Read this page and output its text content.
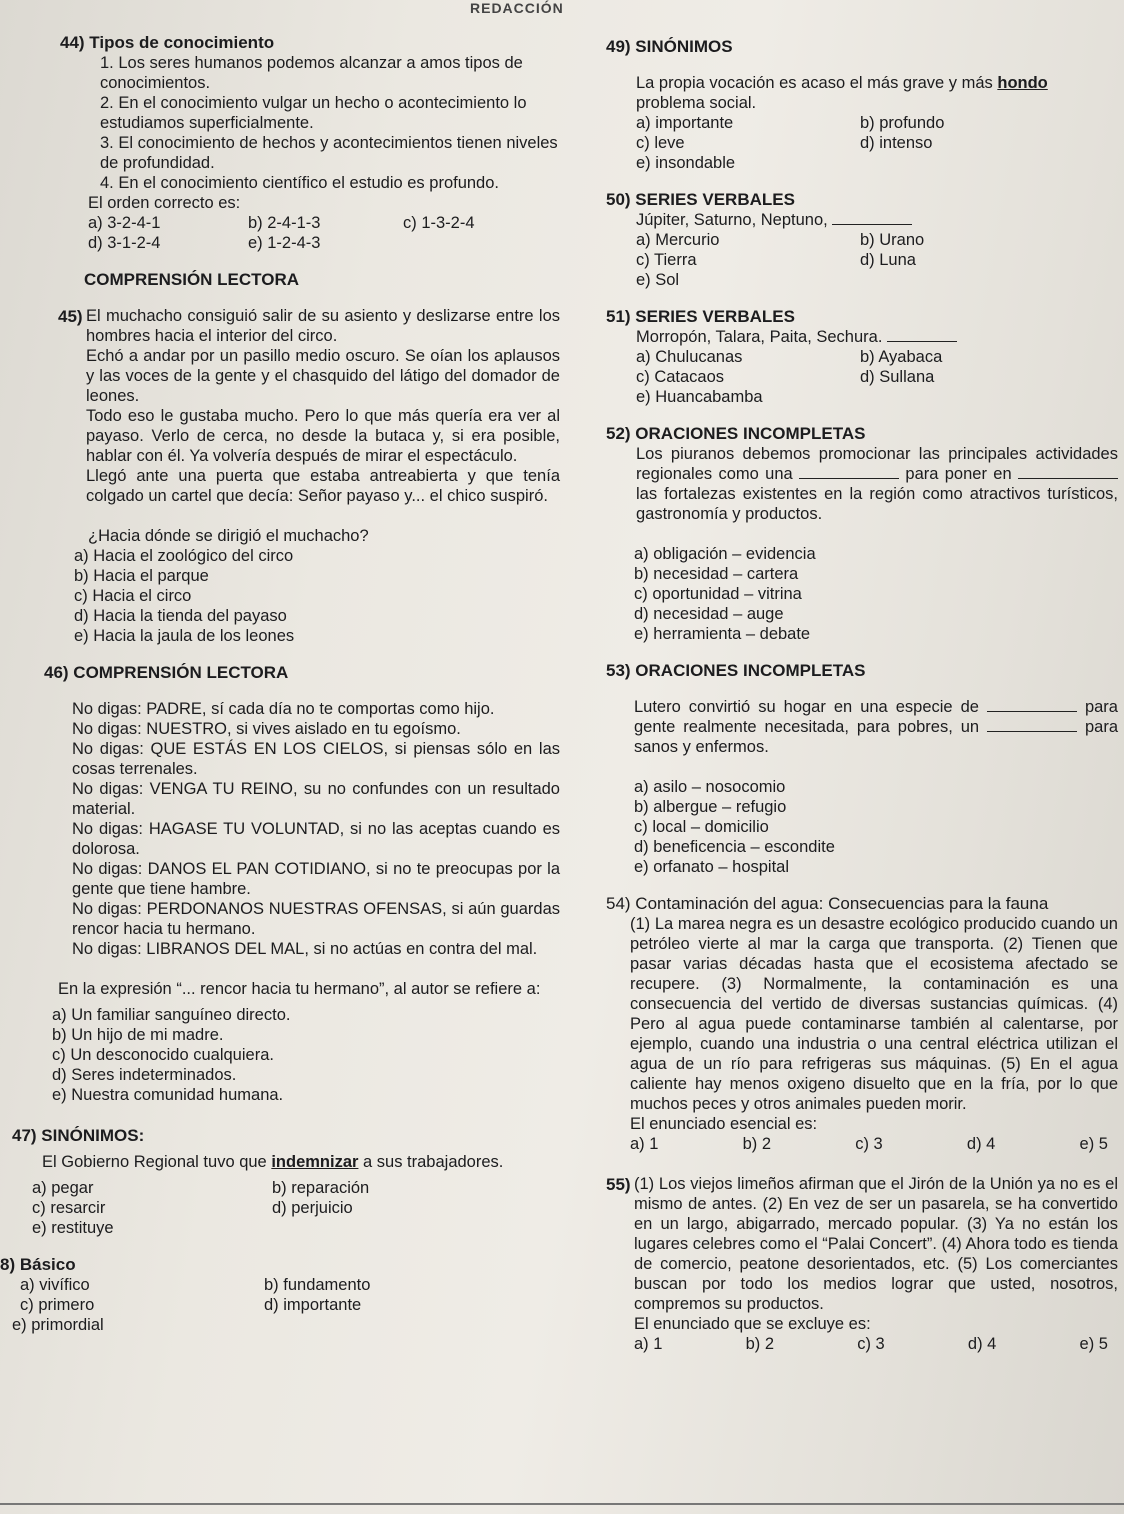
REDACCIÓN

44) Tipos de conocimiento

1. Los seres humanos podemos alcanzar a amos tipos de conocimientos.
2. En el conocimiento vulgar un hecho o acontecimiento lo estudiamos superficialmente.
3. El conocimiento de hechos y acontecimientos tienen niveles de profundidad.
4. En el conocimiento científico el estudio es profundo.
El orden correcto es:
a) 3-2-4-1	b) 2-4-1-3	c) 1-3-2-4
d) 3-1-2-4	e) 1-2-4-3

COMPRENSIÓN LECTORA

45) El muchacho consiguió salir de su asiento y deslizarse entre los hombres hacia el interior del circo.
Echó a andar por un pasillo medio oscuro. Se oían los aplausos y las voces de la gente y el chasquido del látigo del domador de leones.
Todo eso le gustaba mucho. Pero lo que más quería era ver al payaso. Verlo de cerca, no desde la butaca y, si era posible, hablar con él. Ya volvería después de mirar el espectáculo.
Llegó ante una puerta que estaba antreabierta y que tenía colgado un cartel que decía: Señor payaso y... el chico suspiró.
¿Hacia dónde se dirigió el muchacho?
a) Hacia el zoológico del circo
b) Hacia el parque
c) Hacia el circo
d) Hacia la tienda del payaso
e) Hacia la jaula de los leones

46) COMPRENSIÓN LECTORA

No digas: PADRE, sí cada día no te comportas como hijo.
No digas: NUESTRO, si vives aislado en tu egoísmo.
No digas: QUE ESTÁS EN LOS CIELOS, si piensas sólo en las cosas terrenales.
No digas: VENGA TU REINO, su no confundes con un resultado material.
No digas: HAGASE TU VOLUNTAD, si no las aceptas cuando es dolorosa.
No digas: DANOS EL PAN COTIDIANO, si no te preocupas por la gente que tiene hambre.
No digas: PERDONANOS NUESTRAS OFENSAS, si aún guardas rencor hacia tu hermano.
No digas: LIBRANOS DEL MAL, si no actúas en contra del mal.
En la expresión “... rencor hacia tu hermano”, al autor se refiere a:
a) Un familiar sanguíneo directo.
b) Un hijo de mi madre.
c) Un desconocido cualquiera.
d) Seres indeterminados.
e) Nuestra comunidad humana.

47) SINÓNIMOS:

El Gobierno Regional tuvo que indemnizar a sus trabajadores.
a) pegar	b) reparación
c) resarcir	d) perjuicio
e) restituye

8) Básico

a) vivífico	b) fundamento
c) primero	d) importante
e) primordial

49) SINÓNIMOS

La propia vocación es acaso el más grave y más hondo problema social.
a) importante	b) profundo
c) leve	d) intenso
e) insondable

50) SERIES VERBALES

Júpiter, Saturno, Neptuno,
a) Mercurio	b) Urano
c) Tierra	d) Luna
e) Sol

51) SERIES VERBALES

Morropón, Talara, Paita, Sechura.
a) Chulucanas	b) Ayabaca
c) Catacaos	d) Sullana
e) Huancabamba

52) ORACIONES INCOMPLETAS

Los piuranos debemos promocionar las principales actividades regionales como una	para poner en  las fortalezas existentes en la región como atractivos turísticos, gastronomía y productos.
a) obligación – evidencia
b) necesidad – cartera
c) oportunidad – vitrina
d) necesidad – auge
e) herramienta – debate

53) ORACIONES INCOMPLETAS

Lutero convirtió su hogar en una especie de	para gente realmente necesitada, para pobres, un	para sanos y enfermos.
a) asilo – nosocomio
b) albergue – refugio
c) local – domicilio
d) beneficencia – escondite
e) orfanato – hospital

54) Contaminación del agua: Consecuencias para la fauna

(1) La marea negra es un desastre ecológico producido cuando un petróleo vierte al mar la carga que transporta. (2) Tienen que pasar varias décadas hasta que el ecosistema afectado se recupere. (3) Normalmente, la contaminación es una consecuencia del vertido de diversas sustancias químicas. (4) Pero al agua puede contaminarse también al calentarse, por ejemplo, cuando una industria o una central eléctrica utilizan el agua de un río para refrigeras sus máquinas. (5) En el agua caliente hay menos oxigeno disuelto que en la fría, por lo que muchos peces y otros animales pueden morir.
El enunciado esencial es:
a) 1	b) 2	c) 3	d) 4	e) 5
55) (1) Los viejos limeños afirman que el Jirón de la Unión ya no es el mismo de antes. (2) En vez de ser un pasarela, se ha convertido en un largo, abigarrado, mercado popular. (3) Ya no están los lugares celebres como el “Palai Concert”. (4) Ahora todo es tienda de comercio, peatone desorientados, etc. (5) Los comerciantes buscan por todo los medios lograr que usted, nosotros, compremos su productos.
El enunciado que se excluye es:
a) 1	b) 2	c) 3	d) 4	e) 5
